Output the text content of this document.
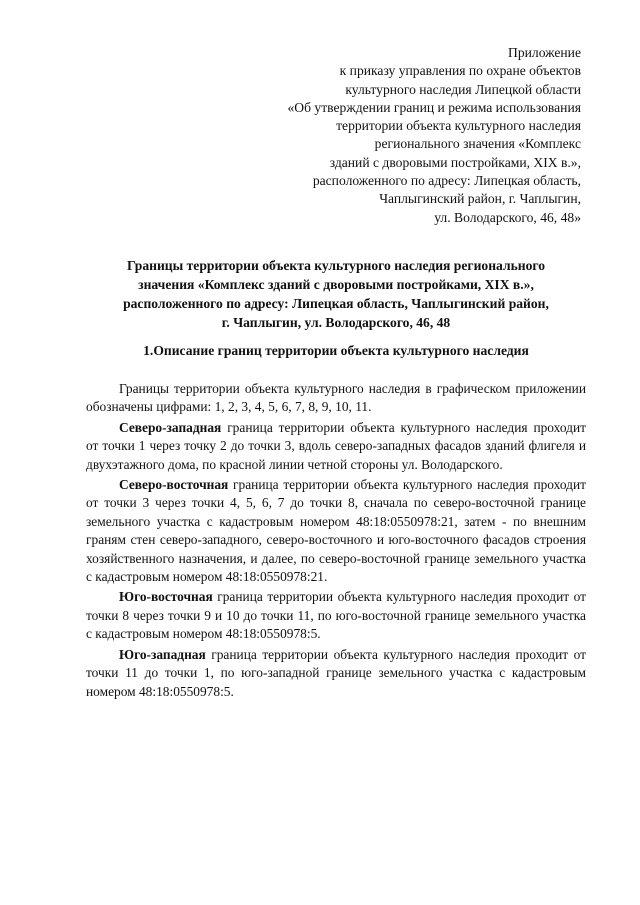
Приложение
к приказу управления по охране объектов
культурного наследия Липецкой области
«Об утверждении границ и режима использования
территории объекта культурного наследия
регионального значения «Комплекс
зданий с дворовыми постройками, XIX в.»,
расположенного по адресу: Липецкая область,
Чаплыгинский район, г. Чаплыгин,
ул. Володарского, 46, 48»
Границы территории объекта культурного наследия регионального
значения «Комплекс зданий с дворовыми постройками, XIX в.»,
расположенного по адресу: Липецкая область, Чаплыгинский район,
г. Чаплыгин, ул. Володарского, 46, 48
1.Описание границ территории объекта культурного наследия

Границы территории объекта культурного наследия в графическом приложении обозначены цифрами: 1, 2, 3, 4, 5, 6, 7, 8, 9, 10, 11.

Северо-западная граница территории объекта культурного наследия проходит от точки 1 через точку 2 до точки 3, вдоль северо-западных фасадов зданий флигеля и двухэтажного дома, по красной линии четной стороны ул. Володарского.

Северо-восточная граница территории объекта культурного наследия проходит от точки 3 через точки 4, 5, 6, 7 до точки 8, сначала по северо-восточной границе земельного участка с кадастровым номером 48:18:0550978:21, затем - по внешним граням стен северо-западного, северо-восточного и юго-восточного фасадов строения хозяйственного назначения, и далее, по северо-восточной границе земельного участка с кадастровым номером 48:18:0550978:21.

Юго-восточная граница территории объекта культурного наследия проходит от точки 8 через точки 9 и 10 до точки 11, по юго-восточной границе земельного участка с кадастровым номером 48:18:0550978:5.

Юго-западная граница территории объекта культурного наследия проходит от точки 11 до точки 1, по юго-западной границе земельного участка с кадастровым номером 48:18:0550978:5.
